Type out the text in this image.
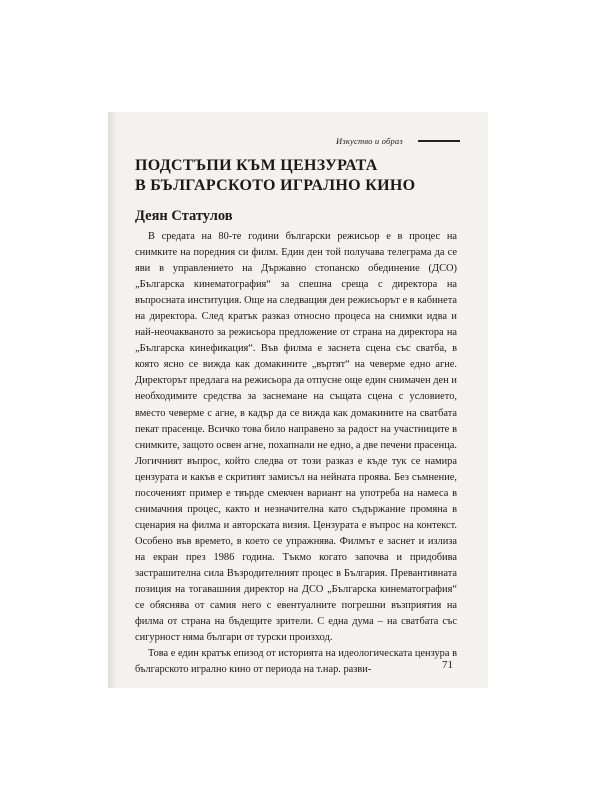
Изкуство и образ
ПОДСТЪПИ КЪМ ЦЕНЗУРАТА
В БЪЛГАРСКОТО ИГРАЛНО КИНО
Деян Статулов

В средата на 80-те години български режисьор е в процес на снимките на поредния си филм. Един ден той получава телеграма да се яви в управлението на Държавно стопанско обединение (ДСО) „Българска кинематография“ за спешна среща с директора на въпросната институция. Още на следващия ден режисьорът е в кабинета на директора. След кратък разказ относно процеса на снимки идва и най-неочакваното за режисьора предложение от страна на директора на „Българска кинефикация“. Във филма е заснета сцена със сватба, в която ясно се вижда как домакините „въртят“ на чеверме едно агне. Директорът предлага на режисьора да отпусне още един снимачен ден и необходимите средства за заснемане на същата сцена с условието, вместо чеверме с агне, в кадър да се вижда как домакините на сватбата пекат прасенце. Всичко това било направено за радост на участниците в снимките, защото освен агне, похапнали не едно, а две печени прасенца. Логичният въпрос, който следва от този разказ е къде тук се намира цензурата и какъв е скритият замисъл на нейната проява. Без съмнение, посоченият пример е твърде смекчен вариант на употреба на намеса в снимачния процес, както и незначителна като съдържание промяна в сценария на филма и авторската визия. Цензурата е въпрос на контекст. Особено във времето, в което се упражнява. Филмът е заснет и излиза на екран през 1986 година. Тъкмо когато започва и придобива застрашителна сила Възродителният процес в България. Превантивната позиция на тогавашния директор на ДСО „Българска кинематография“ се обяснява от самия него с евентуалните погрешни възприятия на филма от страна на бъдещите зрители. С една дума – на сватбата със сигурност няма българи от турски произход.

Това е един кратък епизод от историята на идеологическата цензура в българското игрално кино от периода на т.нар. разви-	71
